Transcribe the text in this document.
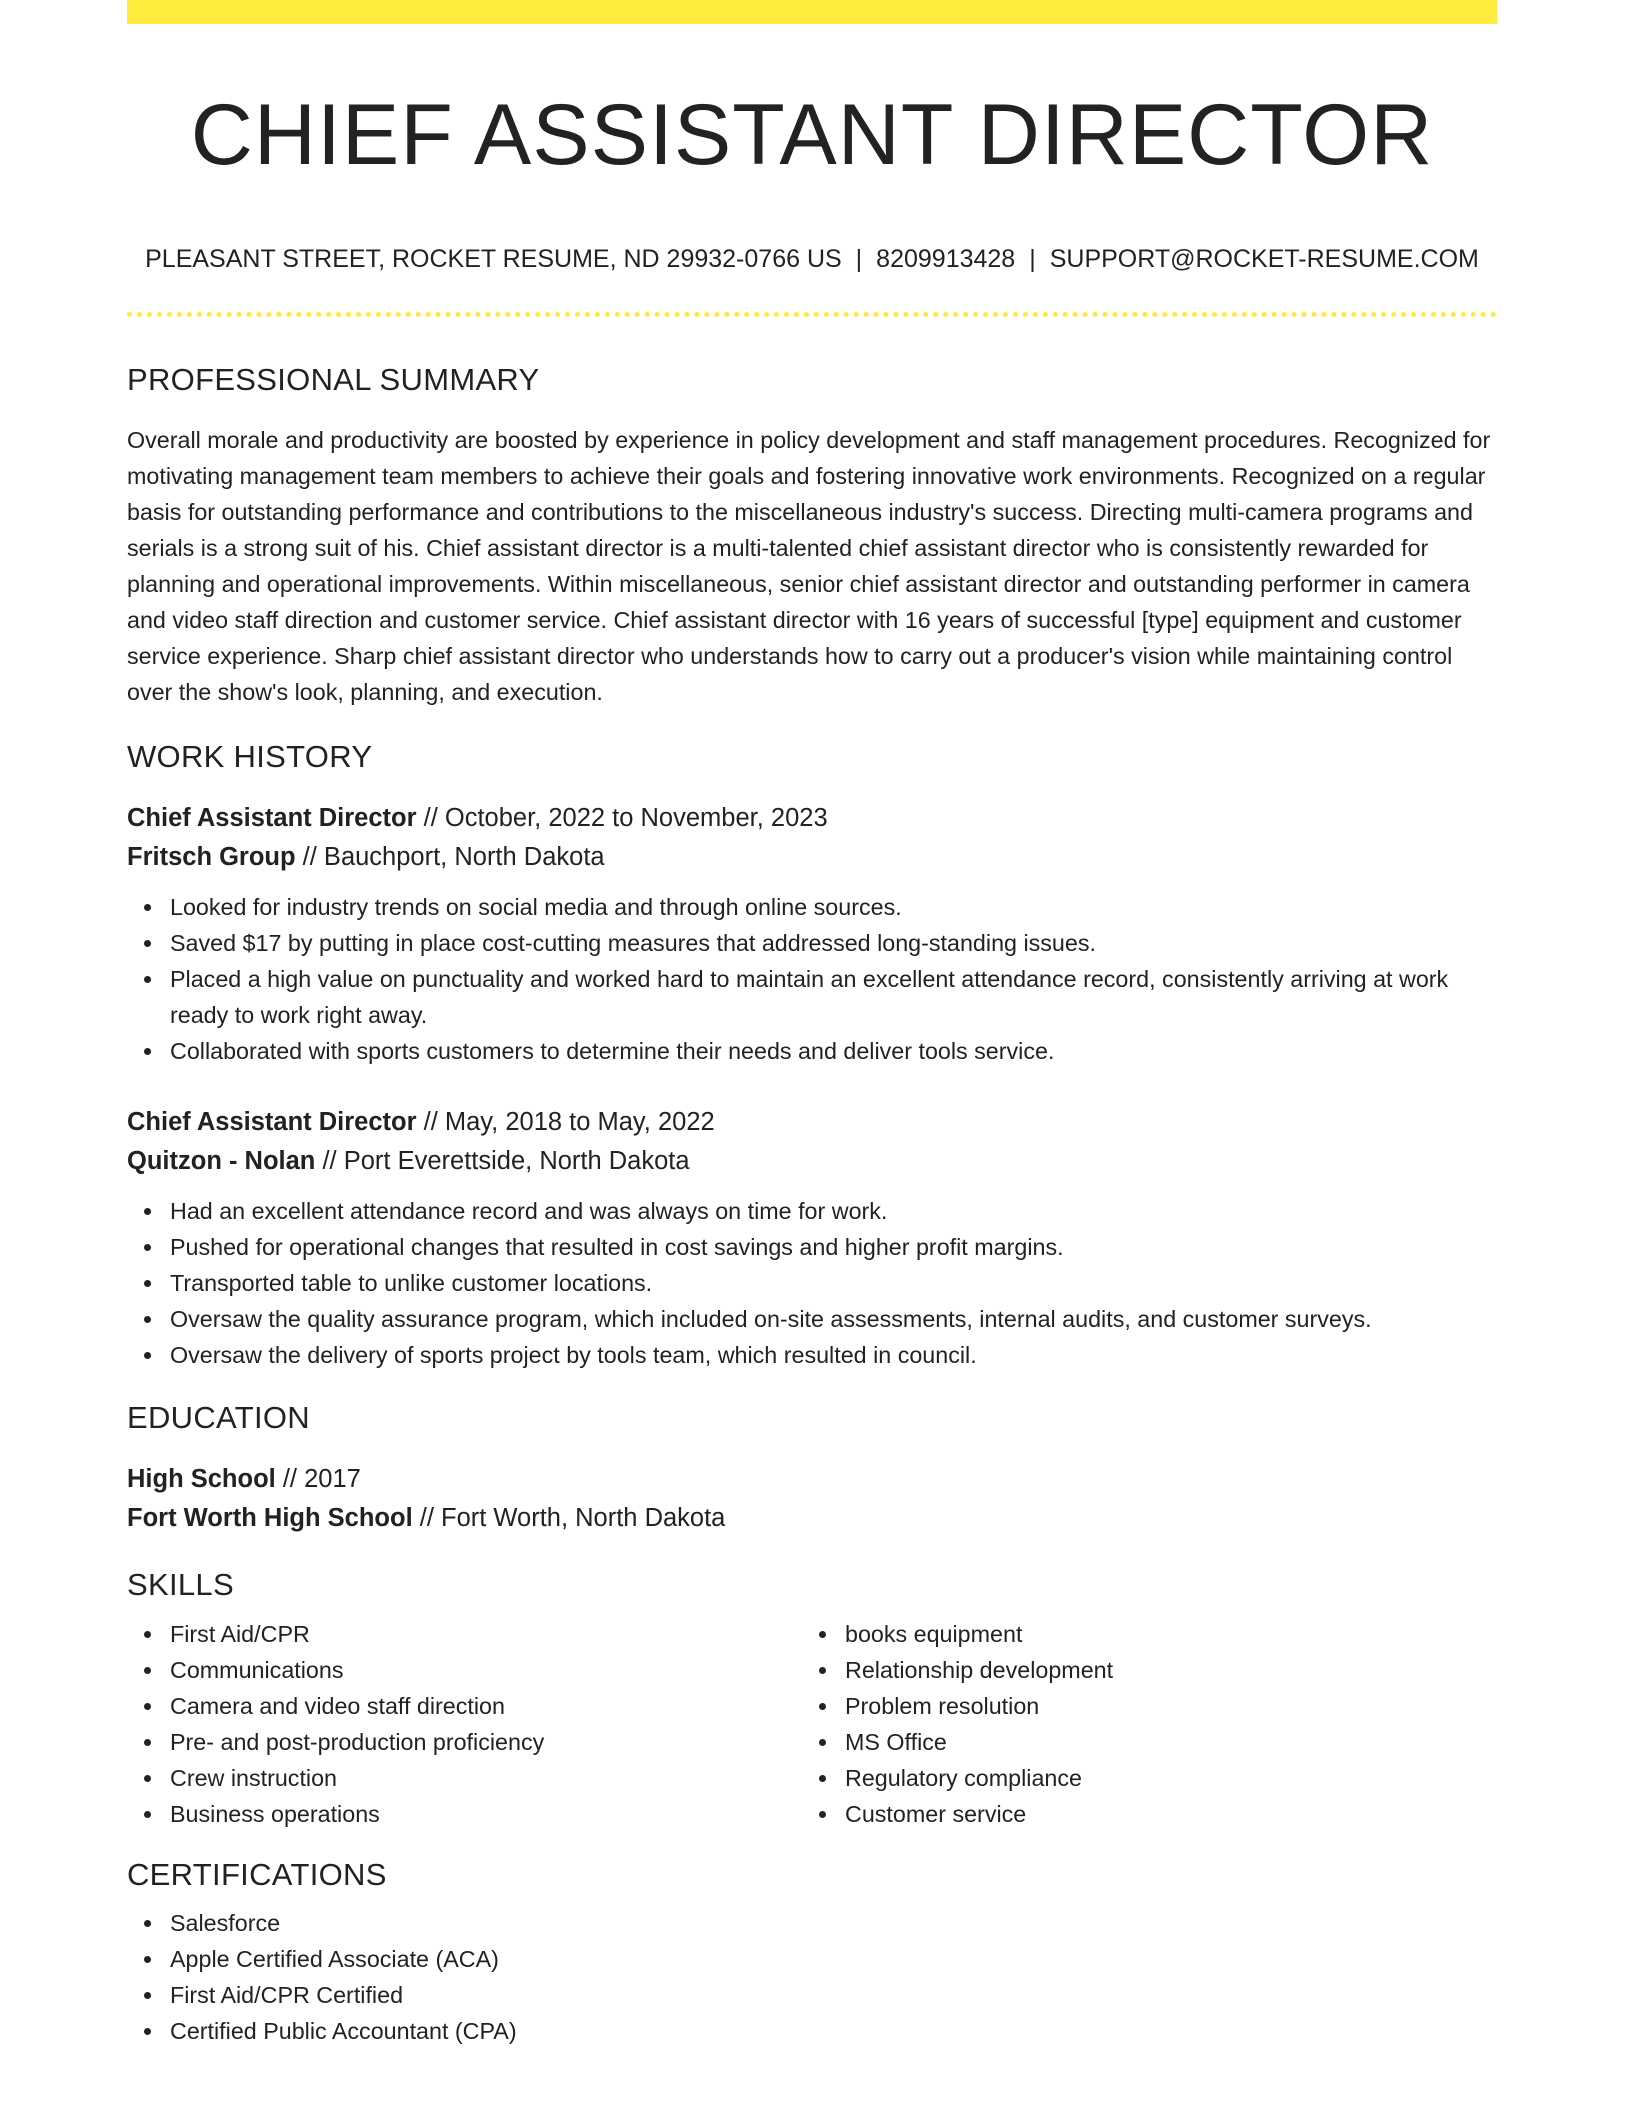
CHIEF ASSISTANT DIRECTOR
PLEASANT STREET, ROCKET RESUME, ND 29932-0766 US | 8209913428 | SUPPORT@ROCKET-RESUME.COM
PROFESSIONAL SUMMARY

Overall morale and productivity are boosted by experience in policy development and staff management procedures. Recognized for motivating management team members to achieve their goals and fostering innovative work environments. Recognized on a regular basis for outstanding performance and contributions to the miscellaneous industry's success. Directing multi-camera programs and serials is a strong suit of his. Chief assistant director is a multi-talented chief assistant director who is consistently rewarded for planning and operational improvements. Within miscellaneous, senior chief assistant director and outstanding performer in camera and video staff direction and customer service. Chief assistant director with 16 years of successful [type] equipment and customer service experience. Sharp chief assistant director who understands how to carry out a producer's vision while maintaining control over the show's look, planning, and execution.

WORK HISTORY
Chief Assistant Director // October, 2022 to November, 2023
Fritsch Group // Bauchport, North Dakota
Looked for industry trends on social media and through online sources.
Saved $17 by putting in place cost-cutting measures that addressed long-standing issues.
Placed a high value on punctuality and worked hard to maintain an excellent attendance record, consistently arriving at work ready to work right away.
Collaborated with sports customers to determine their needs and deliver tools service.
Chief Assistant Director // May, 2018 to May, 2022
Quitzon - Nolan // Port Everettside, North Dakota
Had an excellent attendance record and was always on time for work.
Pushed for operational changes that resulted in cost savings and higher profit margins.
Transported table to unlike customer locations.
Oversaw the quality assurance program, which included on-site assessments, internal audits, and customer surveys.
Oversaw the delivery of sports project by tools team, which resulted in council.
EDUCATION
High School // 2017
Fort Worth High School // Fort Worth, North Dakota
SKILLS
First Aid/CPR
Communications
Camera and video staff direction
Pre- and post-production proficiency
Crew instruction
Business operations
books equipment
Relationship development
Problem resolution
MS Office
Regulatory compliance
Customer service
CERTIFICATIONS
Salesforce
Apple Certified Associate (ACA)
First Aid/CPR Certified
Certified Public Accountant (CPA)
